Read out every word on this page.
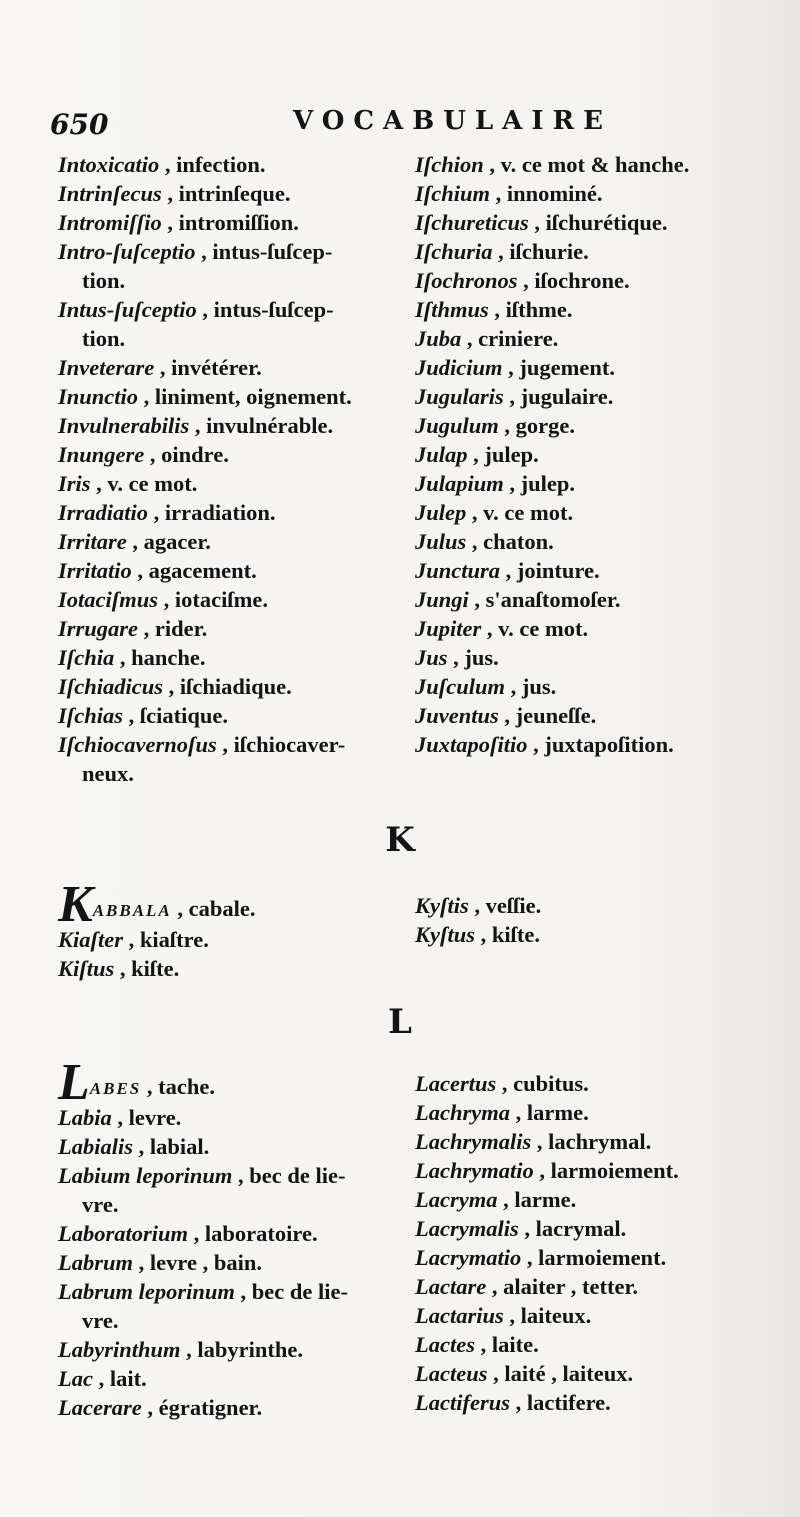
650	VOCABULAIRE
Intoxicatio , infection.
Intrinſecus , intrinſeque.
Intromiſſio , intromiſſion.
Intro-ſuſceptio , intus-ſuſcep-
tion.
Intus-ſuſceptio , intus-ſuſcep-
tion.
Inveterare , invétérer.
Inunctio , liniment, oignement.
Invulnerabilis , invulnérable.
Inungere , oindre.
Iris , v. ce mot.
Irradiatio , irradiation.
Irritare , agacer.
Irritatio , agacement.
Iotaciſmus , iotaciſme.
Irrugare , rider.
Iſchia , hanche.
Iſchiadicus , iſchiadique.
Iſchias , ſciatique.
Iſchiocavernoſus , iſchiocaver-
neux.
Iſchion , v. ce mot & hanche.
Iſchium , innominé.
Iſchureticus , iſchurétique.
Iſchuria , iſchurie.
Iſochronos , iſochrone.
Iſthmus , iſthme.
Juba , criniere.
Judicium , jugement.
Jugularis , jugulaire.
Jugulum , gorge.
Julap , julep.
Julapium , julep.
Julep , v. ce mot.
Julus , chaton.
Junctura , jointure.
Jungi , s'anaſtomoſer.
Jupiter , v. ce mot.
Jus , jus.
Juſculum , jus.
Juventus , jeuneſſe.
Juxtapoſitio , juxtapoſition.
K
KABBALA , cabale.
Kiaſter , kiaſtre.
Kiſtus , kiſte.
Kyſtis , veſſie.
Kyſtus , kiſte.
L
LABES , tache.
Labia , levre.
Labialis , labial.
Labium leporinum , bec de lie-
vre.
Laboratorium , laboratoire.
Labrum , levre , bain.
Labrum leporinum , bec de lie-
vre.
Labyrinthum , labyrinthe.
Lac , lait.
Lacerare , égratigner.
Lacertus , cubitus.
Lachryma , larme.
Lachrymalis , lachrymal.
Lachrymatio , larmoiement.
Lacryma , larme.
Lacrymalis , lacrymal.
Lacrymatio , larmoiement.
Lactare , alaiter , tetter.
Lactarius , laiteux.
Lactes , laite.
Lacteus , laité , laiteux.
Lactiferus , lactifere.
